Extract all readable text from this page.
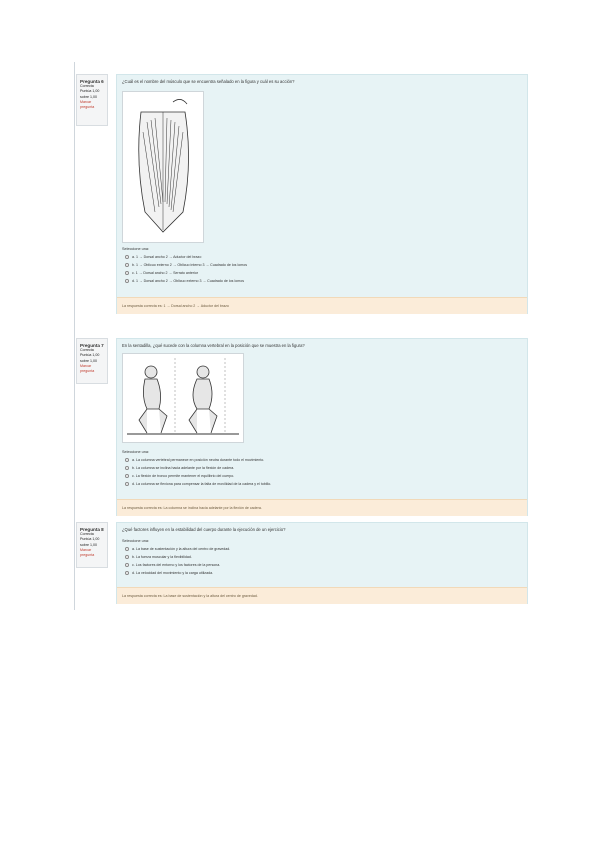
Pregunta 6
Correcta
Puntúa 1,00 sobre 1,00
Marcar pregunta
¿Cuál es el nombre del músculo que se encuentra señalado en la figura y cuál es su acción?
Seleccione una:
a. 1 → Dorsal ancho 2 → Aductor del brazo
b. 1 → Oblicuo externo 2 → Oblicuo interno 3 → Cuadrado de los lomos
c. 1 → Dorsal ancho 2 → Serrato anterior
d. 1 → Dorsal ancho 2 → Oblicuo externo 3 → Cuadrado de los lomos
La respuesta correcta es: 1 → Dorsal ancho 2 → Aductor del brazo
Pregunta 7
Correcta
Puntúa 1,00 sobre 1,00
Marcar pregunta
En la sentadilla, ¿qué sucede con la columna vertebral en la posición que se muestra en la figura?
Seleccione una:
a. La columna vertebral permanece en posición neutra durante todo el movimiento.
b. La columna se inclina hacia adelante por la flexión de cadera.
c. La flexión de tronco permite mantener el equilibrio del cuerpo.
d. La columna se flexiona para compensar la falta de movilidad de la cadera y el tobillo.
La respuesta correcta es: La columna se inclina hacia adelante por la flexión de cadera.
Pregunta 8
Correcta
Puntúa 1,00 sobre 1,00
Marcar pregunta
¿Qué factores influyen en la estabilidad del cuerpo durante la ejecución de un ejercicio?
Seleccione una:
a. La base de sustentación y la altura del centro de gravedad.
b. La fuerza muscular y la flexibilidad.
c. Los factores del entorno y los factores de la persona.
d. La velocidad del movimiento y la carga utilizada.
La respuesta correcta es: La base de sustentación y la altura del centro de gravedad.
